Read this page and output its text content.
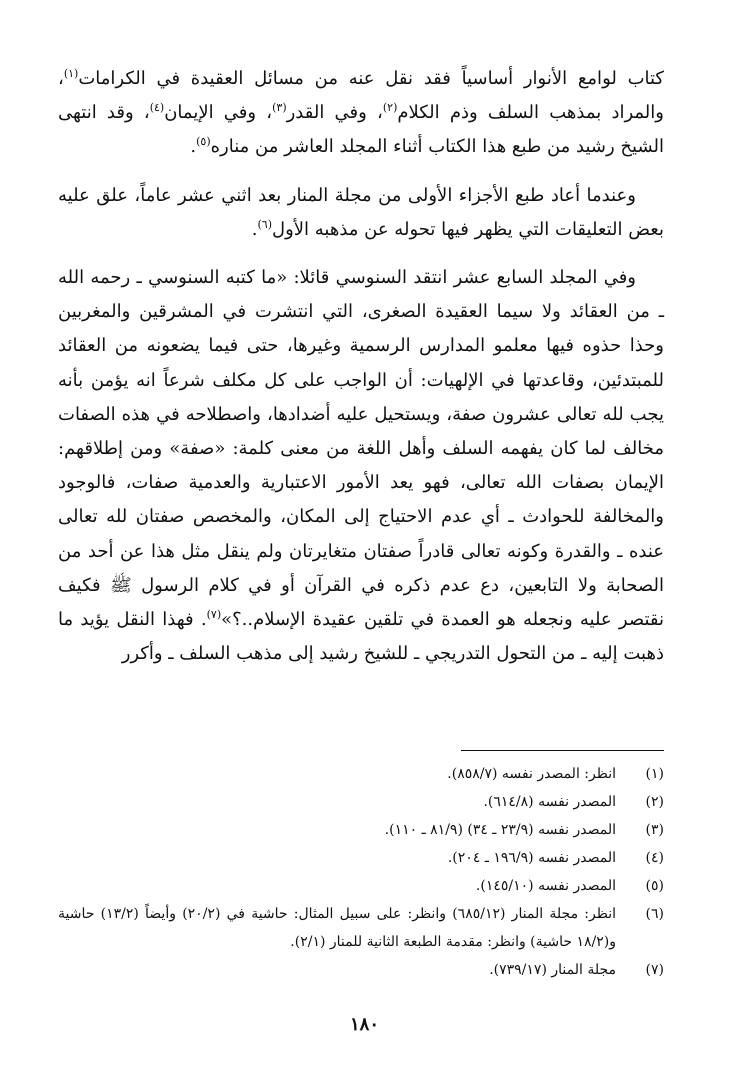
كتاب لوامع الأنوار أساسياً فقد نقل عنه من مسائل العقيدة في الكرامات$^{(١)}$، والمراد بمذهب السلف وذم الكلام$^{(٢)}$، وفي القدر$^{(٣)}$، وفي الإيمان$^{(٤)}$، وقد انتهى الشيخ رشيد من طبع هذا الكتاب أثناء المجلد العاشر من مناره$^{(٥)}$.

وعندما أعاد طبع الأجزاء الأولى من مجلة المنار بعد اثني عشر عاماً، علق عليه بعض التعليقات التي يظهر فيها تحوله عن مذهبه الأول$^{(٦)}$.

وفي المجلد السابع عشر انتقد السنوسي قائلا: «ما كتبه السنوسي ـ رحمه الله ـ من العقائد ولا سيما العقيدة الصغرى، التي انتشرت في المشرقين والمغربين وحذا حذوه فيها معلمو المدارس الرسمية وغيرها، حتى فيما يضعونه من العقائد للمبتدئين، وقاعدتها في الإلهيات: أن الواجب على كل مكلف شرعاً انه يؤمن بأنه يجب لله تعالى عشرون صفة، ويستحيل عليه أضدادها، واصطلاحه في هذه الصفات مخالف لما كان يفهمه السلف وأهل اللغة من معنى كلمة: «صفة» ومن إطلاقهم: الإيمان بصفات الله تعالى، فهو يعد الأمور الاعتبارية والعدمية صفات، فالوجود والمخالفة للحوادث ـ أي عدم الاحتياج إلى المكان، والمخصص صفتان لله تعالى عنده ـ والقدرة وكونه تعالى قادراً صفتان متغايرتان ولم ينقل مثل هذا عن أحد من الصحابة ولا التابعين، دع عدم ذكره في القرآن أو في كلام الرسول ﷺ فكيف نقتصر عليه ونجعله هو العمدة في تلقين عقيدة الإسلام..؟»$^{(٧)}$. فهذا النقل يؤيد ما ذهبت إليه ـ من التحول التدريجي ـ للشيخ رشيد إلى مذهب السلف ـ وأكرر

(١)
انظر: المصدر نفسه (٨٥٨/٧).
(٢)
المصدر نفسه (٦١٤/٨).
(٣)
المصدر نفسه (٢٣/٩ ـ ٣٤) (٨١/٩ ـ ١١٠).
(٤)
المصدر نفسه (١٩٦/٩ ـ ٢٠٤).
(٥)
المصدر نفسه (١٤٥/١٠).
(٦)
انظر: مجلة المنار (٦٨٥/١٢) وانظر: على سبيل المثال: حاشية في (٢٠/٢) وأيضاً (١٣/٢) حاشية و(١٨/٢ حاشية) وانظر: مقدمة الطبعة الثانية للمنار (٢/١).
(٧)
مجلة المنار (٧٣٩/١٧).
١٨٠
